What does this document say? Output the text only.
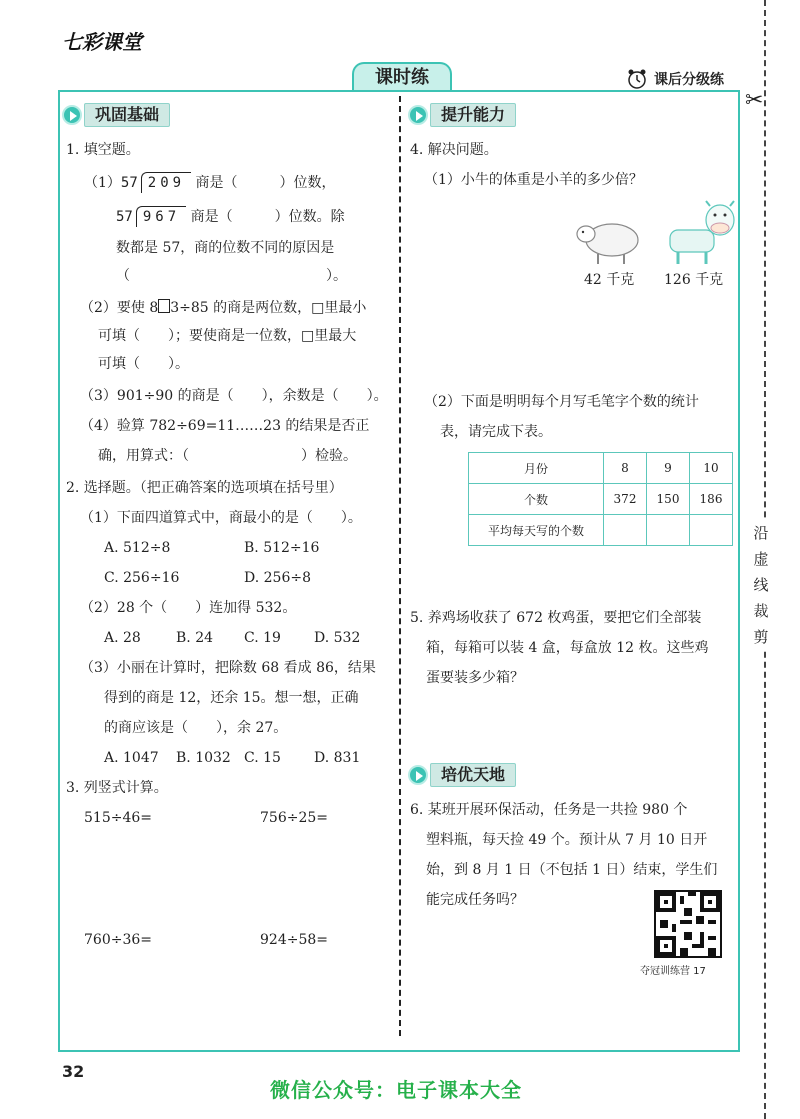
七彩课堂
课时练	课后分级练
✂
沿虚线裁剪
巩固基础
1. 填空题。
（1）57 209 商是（　　　）位数，
57 967 商是（　　　）位数。除
数都是 57，商的位数不同的原因是
（　　　　　　　　　　　　　　）。
（2）要使 8 3÷85 的商是两位数，□里最小
可填（　　）；要使商是一位数，□里最大
可填（　　）。
（3）901÷90 的商是（　　），余数是（　　）。
（4）验算 782÷69=11……23 的结果是否正
确，用算式：（　　　　　　　　）检验。
2. 选择题。（把正确答案的选项填在括号里）
（1）下面四道算式中，商最小的是（　　）。
A. 512÷8	B. 512÷16
C. 256÷16	D. 256÷8
（2）28 个（　　）连加得 532。
A. 28	B. 24 C. 19 D. 532
（3）小丽在计算时，把除数 68 看成 86，结果
得到的商是 12，还余 15。想一想，正确
的商应该是（　　），余 27。
A. 1047 B. 1032 C. 15 D. 831
3. 列竖式计算。
515÷46=	756÷25=
760÷36=	924÷58=
提升能力
4. 解决问题。
（1）小牛的体重是小羊的多少倍？
42 千克 126 千克
（2）下面是明明每个月写毛笔字个数的统计
表，请完成下表。
月份	8	9	10
个数	372	150	186
平均每天写的个数			
5. 养鸡场收获了 672 枚鸡蛋，要把它们全部装
箱，每箱可以装 4 盒，每盒放 12 枚。这些鸡
蛋要装多少箱？
培优天地
6. 某班开展环保活动，任务是一共捡 980 个
塑料瓶，每天捡 49 个。预计从 7 月 10 日开
始，到 8 月 1 日（不包括 1 日）结束，学生们
能完成任务吗？
夺冠训练营 17
32
微信公众号：电子课本大全
